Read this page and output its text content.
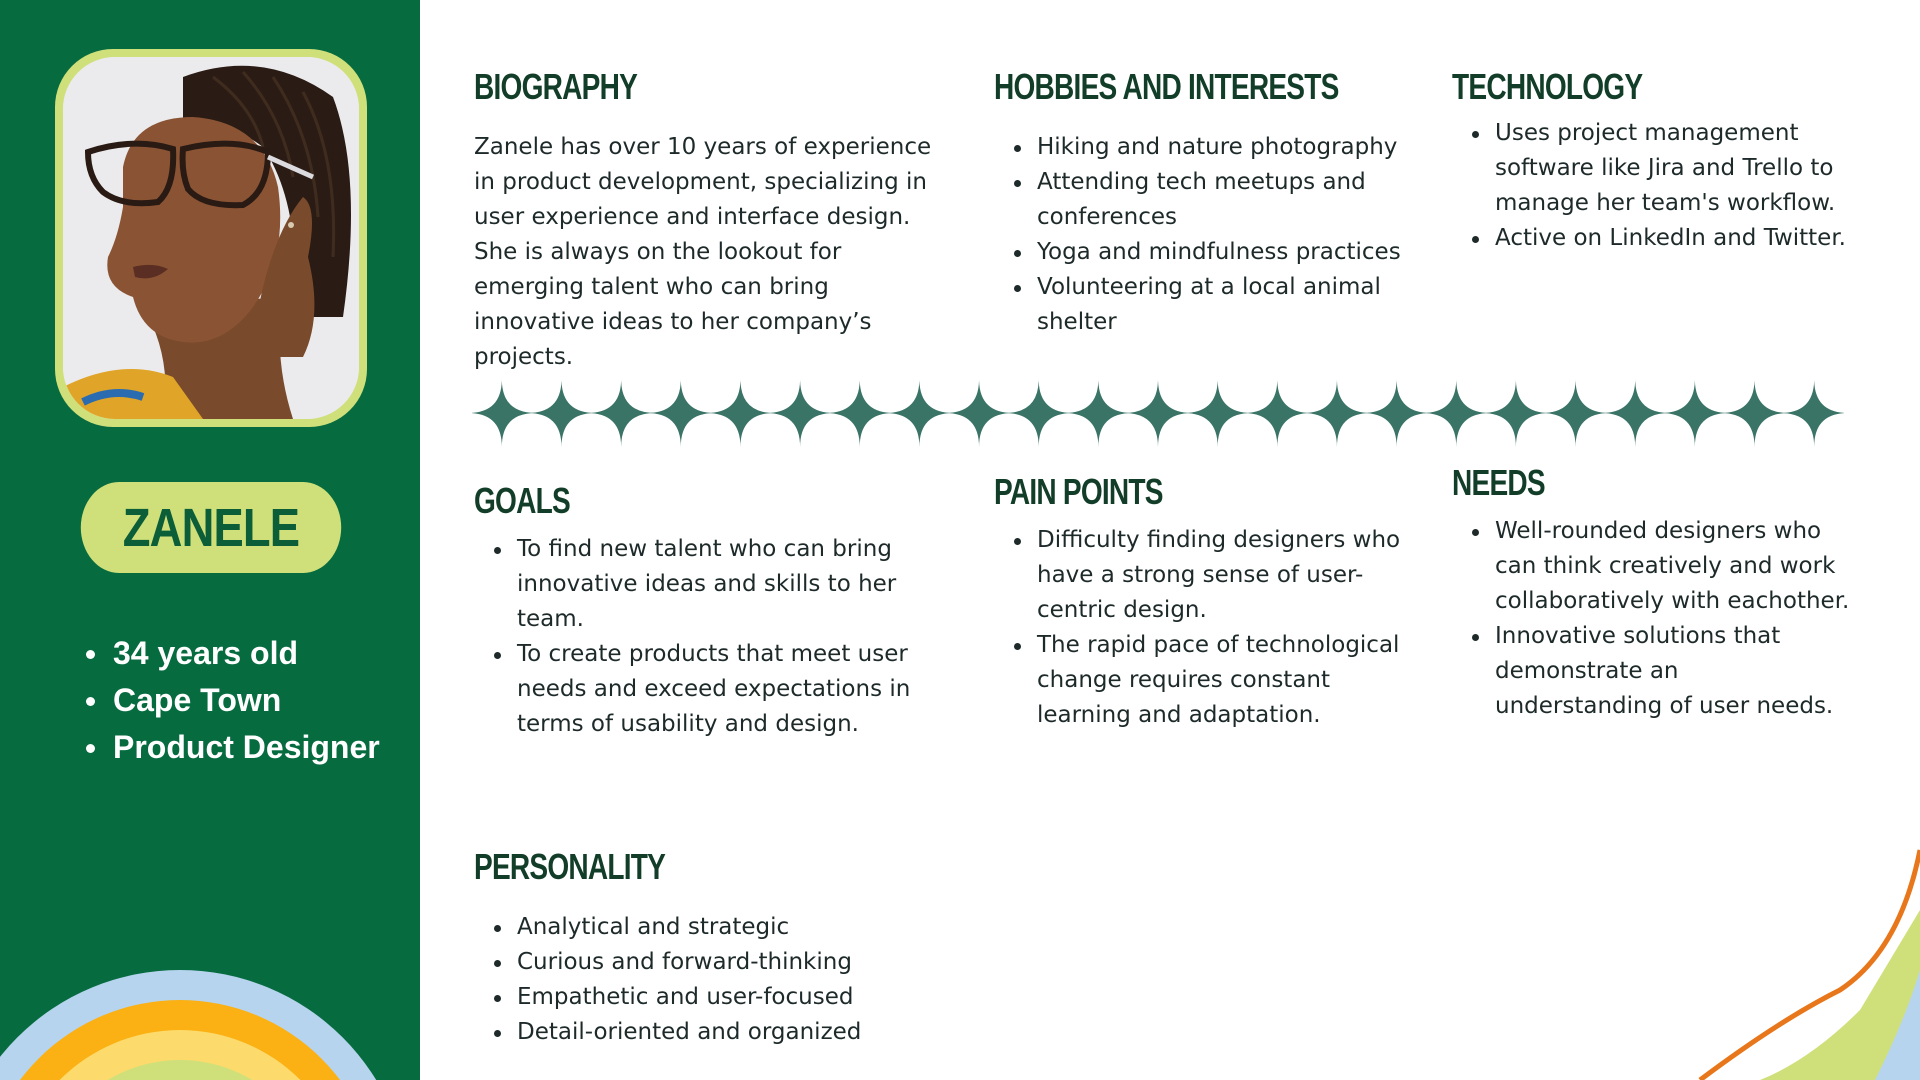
ZANELE
34 years old
Cape Town
Product Designer
BIOGRAPHY

Zanele has over 10 years of experience in product development, specializing in user experience and interface design. She is always on the lookout for emerging talent who can bring innovative ideas to her company’s projects.

HOBBIES AND INTERESTS
Hiking and nature photography
Attending tech meetups and conferences
Yoga and mindfulness practices
Volunteering at a local animal shelter
TECHNOLOGY
Uses project management software like Jira and Trello to manage her team's workflow.
Active on LinkedIn and Twitter.
GOALS
To find new talent who can bring innovative ideas and skills to her team.
To create products that meet user needs and exceed expectations in terms of usability and design.
PAIN POINTS
Difficulty finding designers who have a strong sense of user-centric design.
The rapid pace of technological change requires constant learning and adaptation.
NEEDS
Well-rounded designers who can think creatively and work collaboratively with eachother.
Innovative solutions that demonstrate an understanding of user needs.
PERSONALITY
Analytical and strategic
Curious and forward-thinking
Empathetic and user-focused
Detail-oriented and organized
